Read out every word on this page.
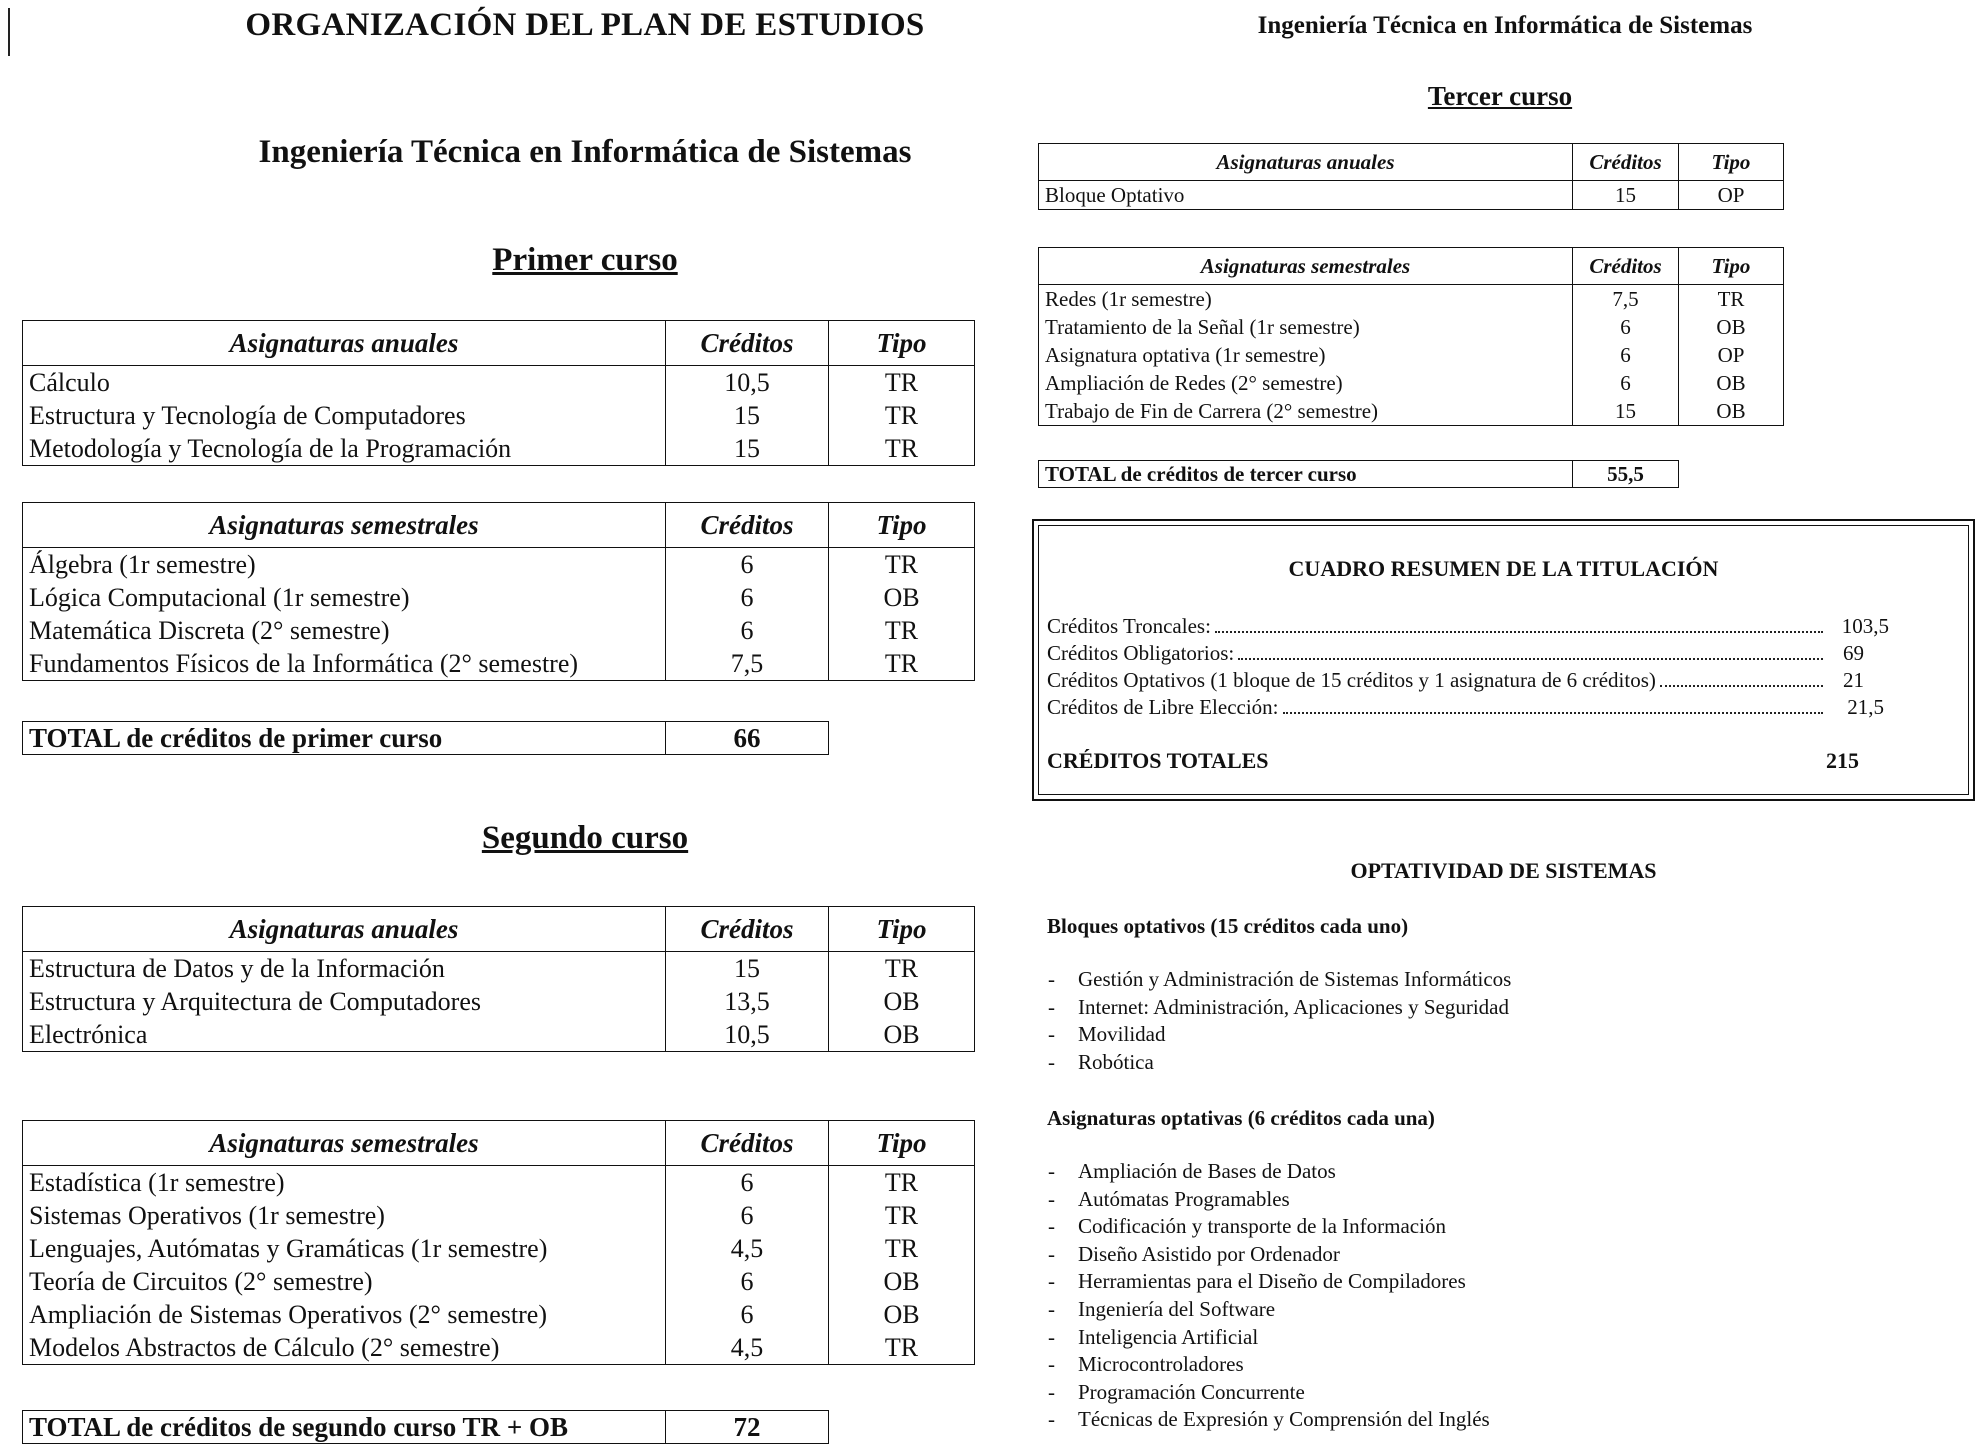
ORGANIZACIÓN DEL PLAN DE ESTUDIOS
Ingeniería Técnica en Informática de Sistemas
Primer curso
Asignaturas anuales	Créditos	Tipo
Cálculo	10,5	TR
Estructura y Tecnología de Computadores	15	TR
Metodología y Tecnología de la Programación	15	TR
Asignaturas semestrales	Créditos	Tipo
Álgebra (1r semestre)	6	TR
Lógica Computacional (1r semestre)	6	OB
Matemática Discreta (2° semestre)	6	TR
Fundamentos Físicos de la Informática (2° semestre)	7,5	TR
TOTAL de créditos de primer curso	66
Segundo curso
Asignaturas anuales	Créditos	Tipo
Estructura de Datos y de la Información	15	TR
Estructura y Arquitectura de Computadores	13,5	OB
Electrónica	10,5	OB
Asignaturas semestrales	Créditos	Tipo
Estadística (1r semestre)	6	TR
Sistemas Operativos (1r semestre)	6	TR
Lenguajes, Autómatas y Gramáticas (1r semestre)	4,5	TR
Teoría de Circuitos (2° semestre)	6	OB
Ampliación de Sistemas Operativos (2° semestre)	6	OB
Modelos Abstractos de Cálculo (2° semestre)	4,5	TR
TOTAL de créditos de segundo curso TR + OB	72
Ingeniería Técnica en Informática de Sistemas
Tercer curso
Asignaturas anuales	Créditos	Tipo
Bloque Optativo	15	OP
Asignaturas semestrales	Créditos	Tipo
Redes (1r semestre)	7,5	TR
Tratamiento de la Señal (1r semestre)	6	OB
Asignatura optativa (1r semestre)	6	OP
Ampliación de Redes (2° semestre)	6	OB
Trabajo de Fin de Carrera (2° semestre)	15	OB
TOTAL de créditos de tercer curso	55,5
CUADRO RESUMEN DE LA TITULACIÓN
Créditos Troncales:	103,5
Créditos Obligatorios:	69
Créditos Optativos (1 bloque de 15 créditos y 1 asignatura de 6 créditos)	21
Créditos de Libre Elección:	21,5
CRÉDITOS TOTALES	215
OPTATIVIDAD DE SISTEMAS
Bloques optativos (15 créditos cada uno)
- Gestión y Administración de Sistemas Informáticos
- Internet: Administración, Aplicaciones y Seguridad
- Movilidad
- Robótica
Asignaturas optativas (6 créditos cada una)
- Ampliación de Bases de Datos
- Autómatas Programables
- Codificación y transporte de la Información
- Diseño Asistido por Ordenador
- Herramientas para el Diseño de Compiladores
- Ingeniería del Software
- Inteligencia Artificial
- Microcontroladores
- Programación Concurrente
- Técnicas de Expresión y Comprensión del Inglés
